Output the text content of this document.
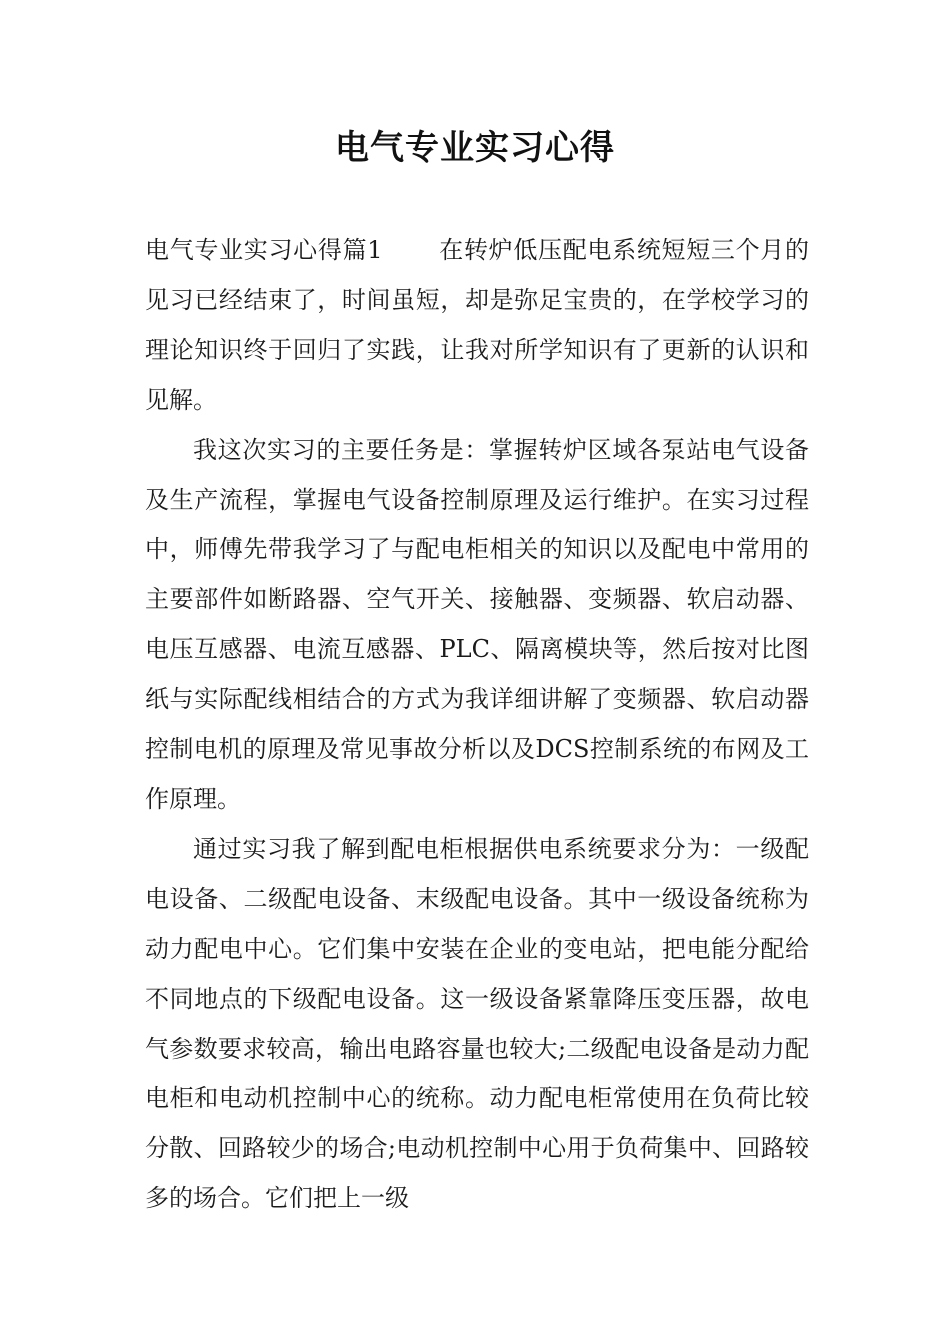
电气专业实习心得

电气专业实习心得篇1 在转炉低压配电系统短短三个月的见习已经结束了，时间虽短，却是弥足宝贵的，在学校学习的理论知识终于回归了实践，让我对所学知识有了更新的认识和见解。

我这次实习的主要任务是：掌握转炉区域各泵站电气设备及生产流程，掌握电气设备控制原理及运行维护。在实习过程中，师傅先带我学习了与配电柜相关的知识以及配电中常用的主要部件如断路器、空气开关、接触器、变频器、软启动器、电压互感器、电流互感器、PLC、隔离模块等，然后按对比图纸与实际配线相结合的方式为我详细讲解了变频器、软启动器控制电机的原理及常见事故分析以及DCS控制系统的布网及工作原理。

通过实习我了解到配电柜根据供电系统要求分为：一级配电设备、二级配电设备、末级配电设备。其中一级设备统称为动力配电中心。它们集中安装在企业的变电站，把电能分配给不同地点的下级配电设备。这一级设备紧靠降压变压器，故电气参数要求较高，输出电路容量也较大;二级配电设备是动力配电柜和电动机控制中心的统称。动力配电柜常使用在负荷比较分散、回路较少的场合;电动机控制中心用于负荷集中、回路较多的场合。它们把上一级
